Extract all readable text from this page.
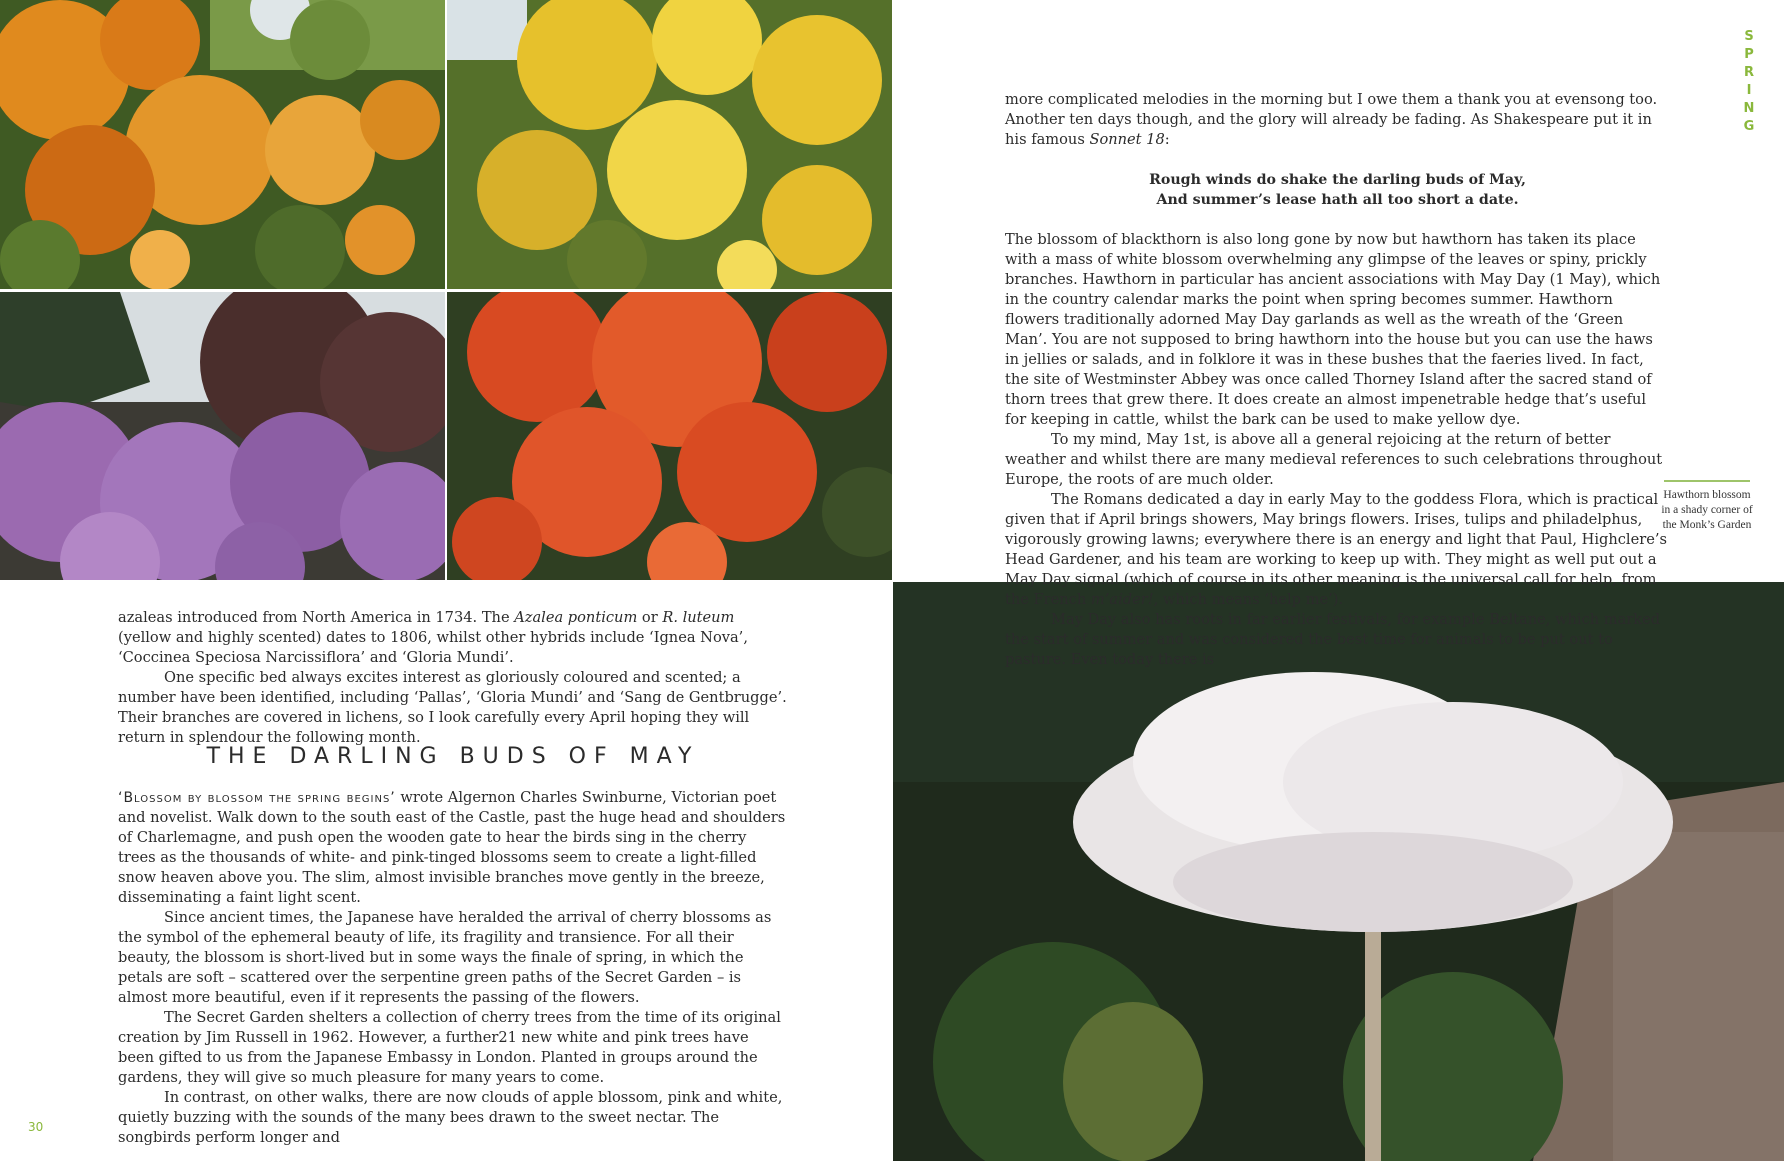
S
P
R
I
N
G

more complicated melodies in the morning but I owe them a thank you at evensong too. Another ten days though, and the glory will already be fading. As Shakespeare put it in his famous Sonnet 18:

Rough winds do shake the darling buds of May,
And summer’s lease hath all too short a date.

The blossom of blackthorn is also long gone by now but hawthorn has taken its place with a mass of white blossom overwhelming any glimpse of the leaves or spiny, prickly branches. Hawthorn in particular has ancient associations with May Day (1 May), which in the country calendar marks the point when spring becomes summer. Hawthorn flowers traditionally adorned May Day garlands as well as the wreath of the ‘Green Man’. You are not supposed to bring hawthorn into the house but you can use the haws in jellies or salads, and in folklore it was in these bushes that the faeries lived. In fact, the site of Westminster Abbey was once called Thorney Island after the sacred stand of thorn trees that grew there. It does create an almost impenetrable hedge that’s useful for keeping in cattle, whilst the bark can be used to make yellow dye.

To my mind, May 1st, is above all a general rejoicing at the return of better weather and whilst there are many medieval references to such celebrations throughout Europe, the roots of are much older.

The Romans dedicated a day in early May to the goddess Flora, which is practical given that if April brings showers, May brings flowers. Irises, tulips and philadelphus, vigorously growing lawns; everywhere there is an energy and light that Paul, Highclere’s Head Gardener, and his team are working to keep up with. They might as well put out a May Day signal (which of course in its other meaning is the universal call for help, from the French m’aider!, which means ‘help me’).

May Day also has roots in far earlier festivals, for example Beltane, which marked the start of summer and was considered the best time for animals to be put out to pasture. Even today there is

Hawthorn blossom in a shady corner of the Monk’s Garden

azaleas introduced from North America in 1734. The Azalea ponticum or R. luteum (yellow and highly scented) dates to 1806, whilst other hybrids include ‘Ignea Nova’, ‘Coccinea Speciosa Narcissiflora’ and ‘Gloria Mundi’.

One specific bed always excites interest as gloriously coloured and scented; a number have been identified, including ‘Pallas’, ‘Gloria Mundi’ and ‘Sang de Gentbrugge’. Their branches are covered in lichens, so I look carefully every April hoping they will return in splendour the following month.

THE DARLING BUDS OF MAY

‘Blossom by blossom the spring begins’ wrote Algernon Charles Swinburne, Victorian poet and novelist. Walk down to the south east of the Castle, past the huge head and shoulders of Charlemagne, and push open the wooden gate to hear the birds sing in the cherry trees as the thousands of white- and pink-tinged blossoms seem to create a light-filled snow heaven above you. The slim, almost invisible branches move gently in the breeze, disseminating a faint light scent.

Since ancient times, the Japanese have heralded the arrival of cherry blossoms as the symbol of the ephemeral beauty of life, its fragility and transience. For all their beauty, the blossom is short-lived but in some ways the finale of spring, in which the petals are soft – scattered over the serpentine green paths of the Secret Garden – is almost more beautiful, even if it represents the passing of the flowers.

The Secret Garden shelters a collection of cherry trees from the time of its original creation by Jim Russell in 1962. However, a further21 new white and pink trees have been gifted to us from the Japanese Embassy in London. Planted in groups around the gardens, they will give so much pleasure for many years to come.

In contrast, on other walks, there are now clouds of apple blossom, pink and white, quietly buzzing with the sounds of the many bees drawn to the sweet nectar. The songbirds perform longer and

30
